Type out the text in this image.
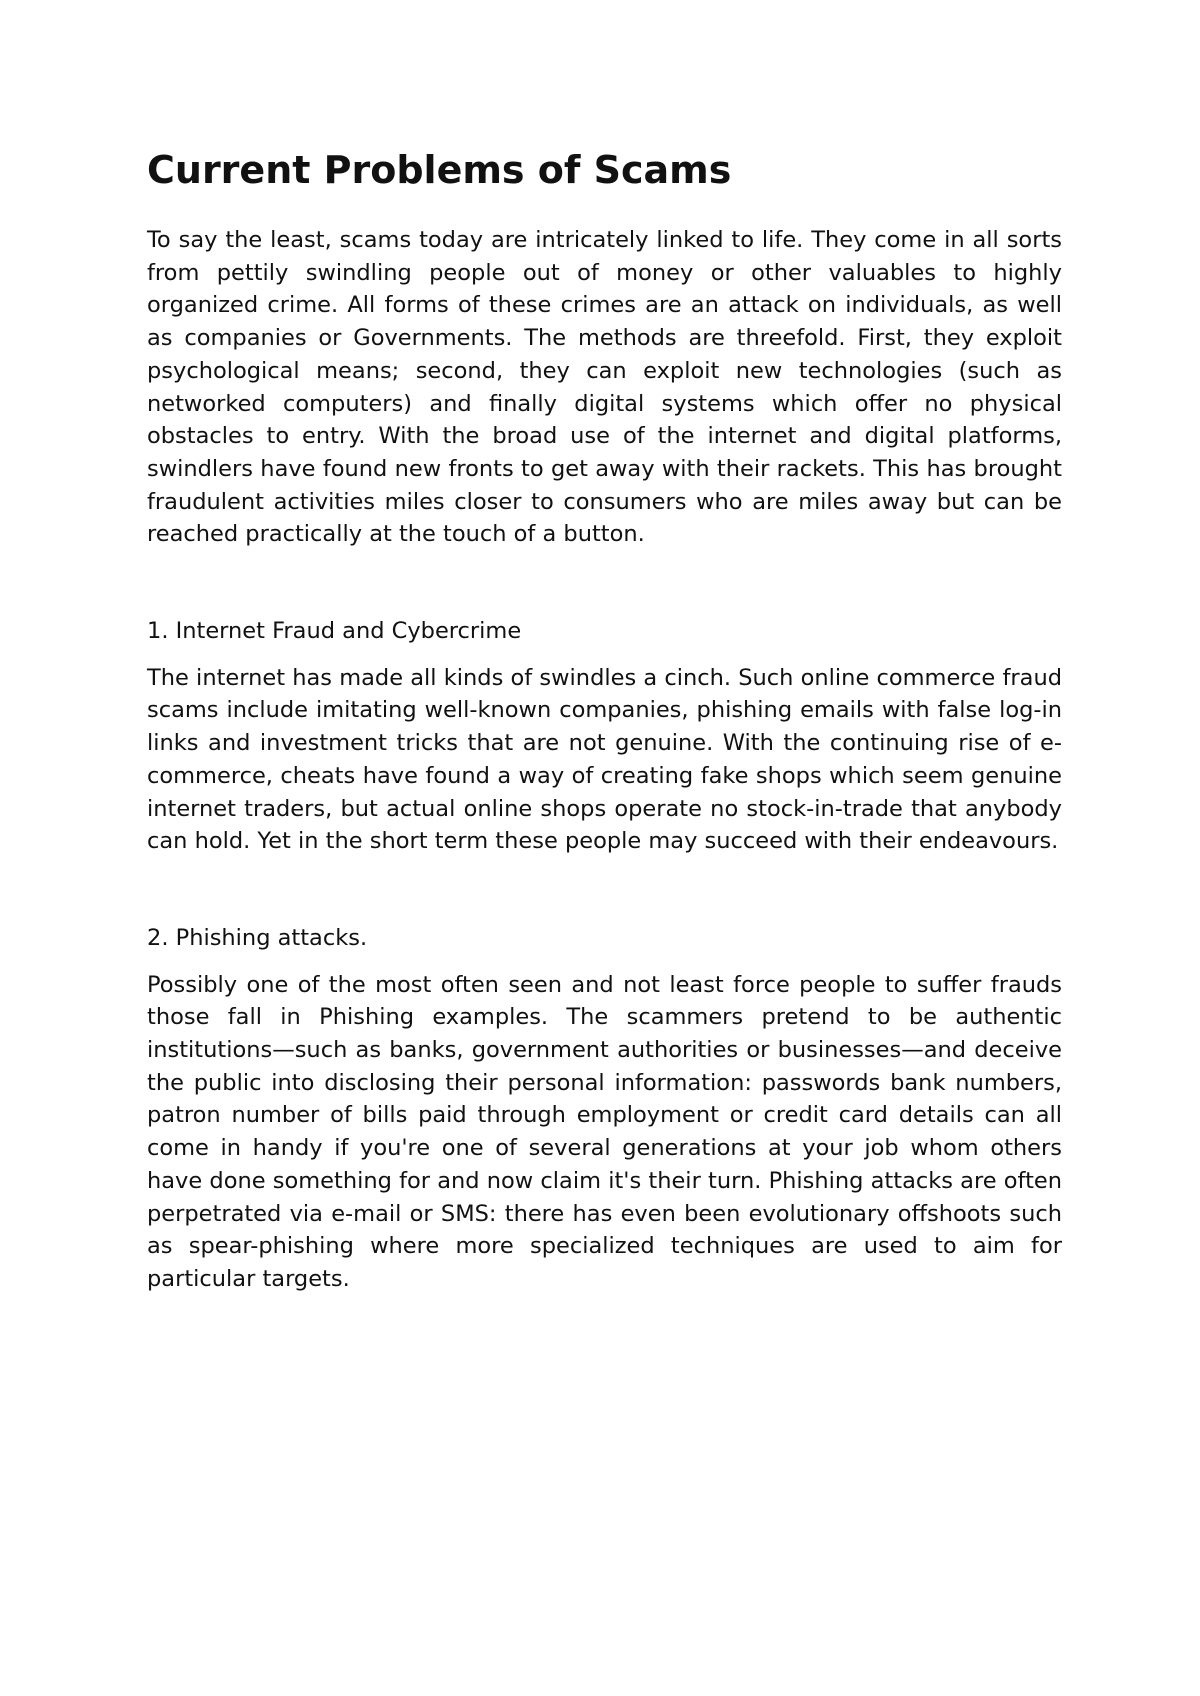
Current Problems of Scams

To say the least, scams today are intricately linked to life. They come in all sorts from pettily swindling people out of money or other valuables to highly organized crime. All forms of these crimes are an attack on individuals, as well as companies or Governments. The methods are threefold. First, they exploit psychological means; second, they can exploit new technologies (such as networked computers) and finally digital systems which offer no physical obstacles to entry. With the broad use of the internet and digital platforms, swindlers have found new fronts to get away with their rackets. This has brought fraudulent activities miles closer to consumers who are miles away but can be reached practically at the touch of a button.

1. Internet Fraud and Cybercrime

The internet has made all kinds of swindles a cinch. Such online commerce fraud scams include imitating well-known companies, phishing emails with false log-in links and investment tricks that are not genuine. With the continuing rise of e-commerce, cheats have found a way of creating fake shops which seem genuine internet traders, but actual online shops operate no stock-in-trade that anybody can hold. Yet in the short term these people may succeed with their endeavours.

2. Phishing attacks.

Possibly one of the most often seen and not least force people to suffer frauds those fall in Phishing examples. The scammers pretend to be authentic institutions—such as banks, government authorities or businesses—and deceive the public into disclosing their personal information: passwords bank numbers, patron number of bills paid through employment or credit card details can all come in handy if you're one of several generations at your job whom others have done something for and now claim it's their turn. Phishing attacks are often perpetrated via e-mail or SMS: there has even been evolutionary offshoots such as spear-phishing where more specialized techniques are used to aim for particular targets.
